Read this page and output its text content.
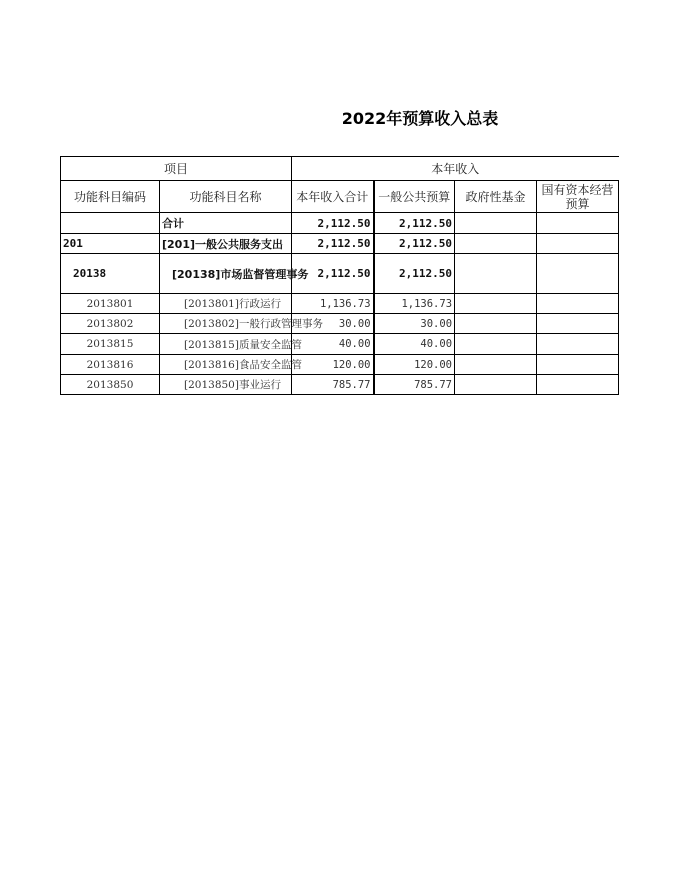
2022年预算收入总表
项目		本年收入			
功能科目编码	功能科目名称	本年收入合计	一般公共预算	政府性基金	国有资本经营预算
	合计	2,112.50	2,112.50		
201	[201]一般公共服务支出	2,112.50	2,112.50		
20138	[20138]市场监督管理事务	2,112.50	2,112.50		
2013801	[2013801]行政运行	1,136.73	1,136.73		
2013802	[2013802]一般行政管理事务	30.00	30.00		
2013815	[2013815]质量安全监管	40.00	40.00		
2013816	[2013816]食品安全监管	120.00	120.00		
2013850	[2013850]事业运行	785.77	785.77		
